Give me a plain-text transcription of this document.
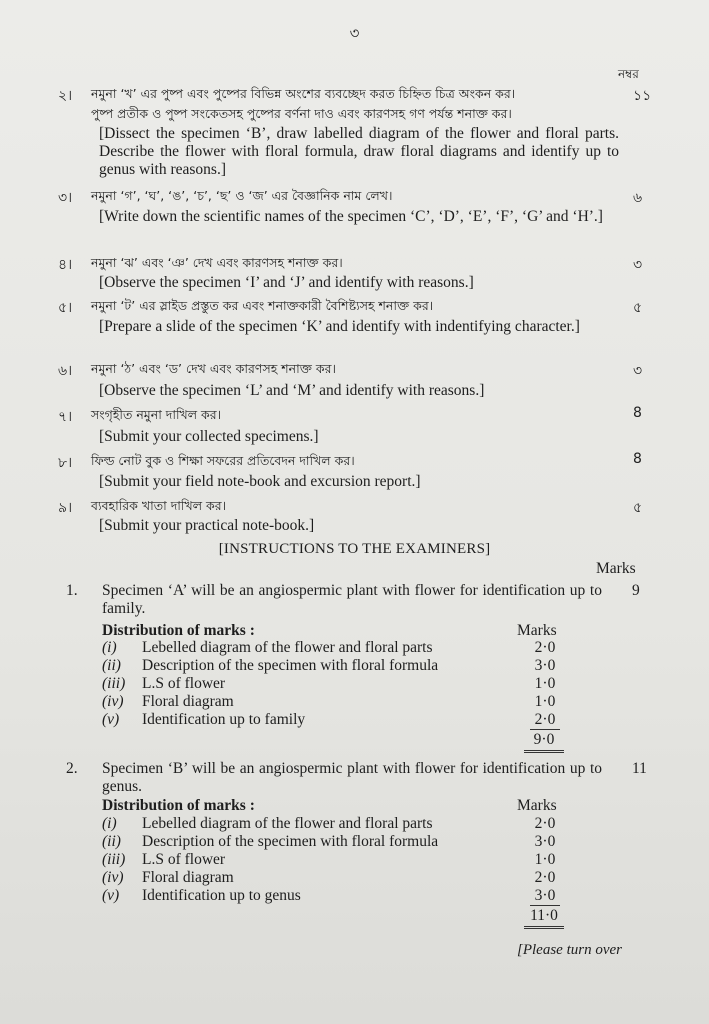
৩
নম্বর
২। নমুনা ‘খ’ এর পুষ্প এবং পুষ্পের বিভিন্ন অংশের ব্যবচ্ছেদ করত চিহ্নিত চিত্র অংকন কর।
পুষ্প প্রতীক ও পুষ্প সংকেতসহ পুষ্পের বর্ণনা দাও এবং কারণসহ গণ পর্যন্ত শনাক্ত কর।
১১
[Dissect the specimen ‘B’, draw labelled diagram of the flower and floral parts. Describe the flower with floral formula, draw floral diagrams and identify up to genus with reasons.]
৩। নমুনা ‘গ’, ‘ঘ’, ‘ঙ’, ‘চ’, ‘ছ’ ও ‘জ’ এর বৈজ্ঞানিক নাম লেখ।	৬
[Write down the scientific names of the specimen ‘C’, ‘D’, ‘E’, ‘F’, ‘G’ and ‘H’.]
৪। নমুনা ‘ঝ’ এবং ‘ঞ’ দেখ এবং কারণসহ শনাক্ত কর।	৩
[Observe the specimen ‘I’ and ‘J’ and identify with reasons.]
৫। নমুনা ‘ট’ এর স্লাইড প্রস্তুত কর এবং শনাক্তকারী বৈশিষ্ট্যসহ শনাক্ত কর।	৫
[Prepare a slide of the specimen ‘K’ and identify with indentifying character.]
৬। নমুনা ‘ঠ’ এবং ‘ড’ দেখ এবং কারণসহ শনাক্ত কর।	৩
[Observe the specimen ‘L’ and ‘M’ and identify with reasons.]
৭। সংগৃহীত নমুনা দাখিল কর।	8
[Submit your collected specimens.]
৮। ফিল্ড নোট বুক ও শিক্ষা সফরের প্রতিবেদন দাখিল কর।	8
[Submit your field note-book and excursion report.]
৯। ব্যবহারিক খাতা দাখিল কর।	৫
[Submit your practical note-book.]
[INSTRUCTIONS TO THE EXAMINERS]
Marks
1. Specimen ‘A’ will be an angiospermic plant with flower for identification up to family.
9
Distribution of marks :	Marks
(i) Lebelled diagram of the flower and floral parts	2·0
(ii) Description of the specimen with floral formula	3·0
(iii) L.S of flower	1·0
(iv) Floral diagram	1·0
(v) Identification up to family	2·0
9·0
2. Specimen ‘B’ will be an angiospermic plant with flower for identification up to genus.
11
Distribution of marks :	Marks
(i) Lebelled diagram of the flower and floral parts	2·0
(ii) Description of the specimen with floral formula	3·0
(iii) L.S of flower	1·0
(iv) Floral diagram	2·0
(v) Identification up to genus	3·0
11·0
[Please turn over
